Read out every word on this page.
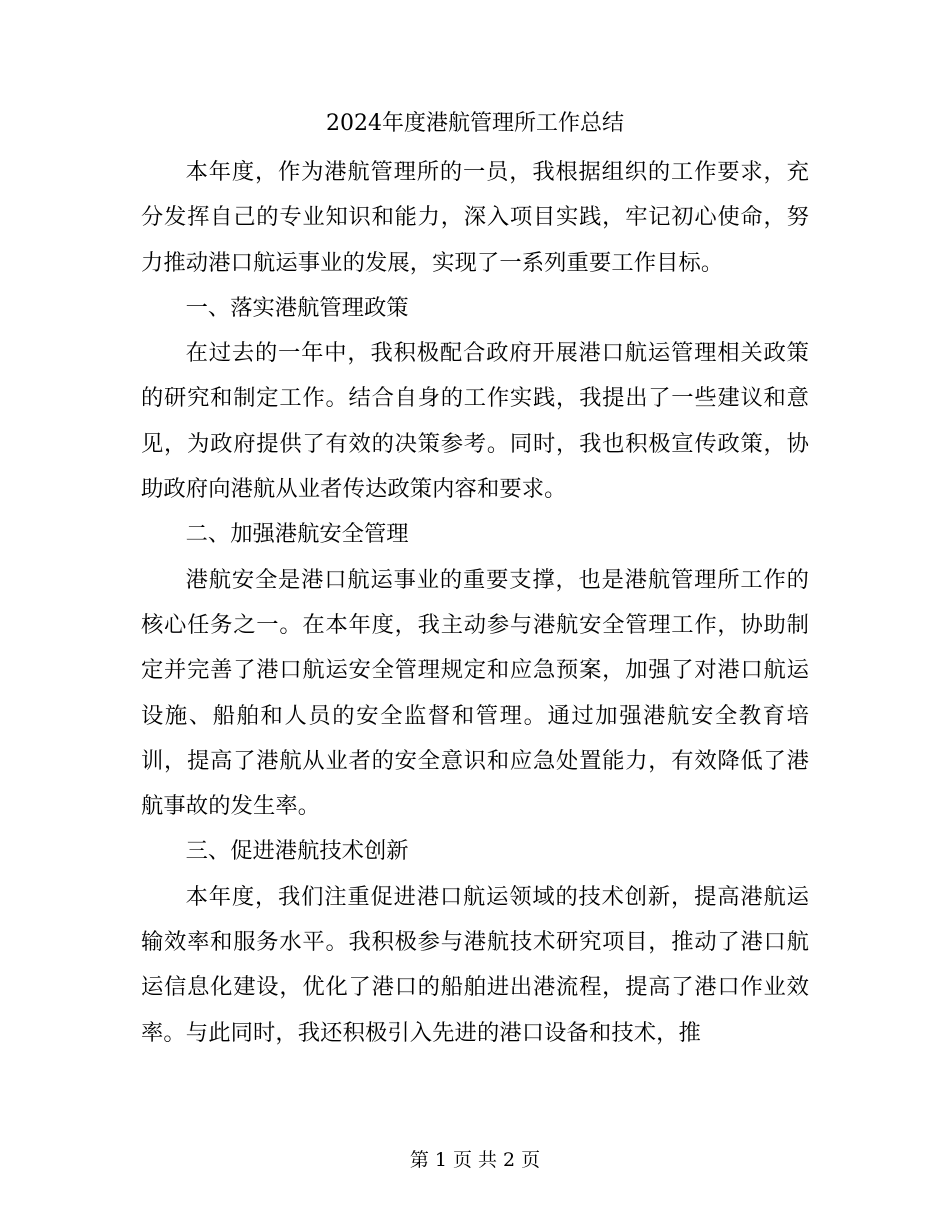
2024年度港航管理所工作总结

本年度，作为港航管理所的一员，我根据组织的工作要求，充分发挥自己的专业知识和能力，深入项目实践，牢记初心使命，努力推动港口航运事业的发展，实现了一系列重要工作目标。

一、落实港航管理政策

在过去的一年中，我积极配合政府开展港口航运管理相关政策的研究和制定工作。结合自身的工作实践，我提出了一些建议和意见，为政府提供了有效的决策参考。同时，我也积极宣传政策，协助政府向港航从业者传达政策内容和要求。

二、加强港航安全管理

港航安全是港口航运事业的重要支撑，也是港航管理所工作的核心任务之一。在本年度，我主动参与港航安全管理工作，协助制定并完善了港口航运安全管理规定和应急预案，加强了对港口航运设施、船舶和人员的安全监督和管理。通过加强港航安全教育培训，提高了港航从业者的安全意识和应急处置能力，有效降低了港航事故的发生率。

三、促进港航技术创新

本年度，我们注重促进港口航运领域的技术创新，提高港航运输效率和服务水平。我积极参与港航技术研究项目，推动了港口航运信息化建设，优化了港口的船舶进出港流程，提高了港口作业效率。与此同时，我还积极引入先进的港口设备和技术，推

第 1 页 共 2 页
